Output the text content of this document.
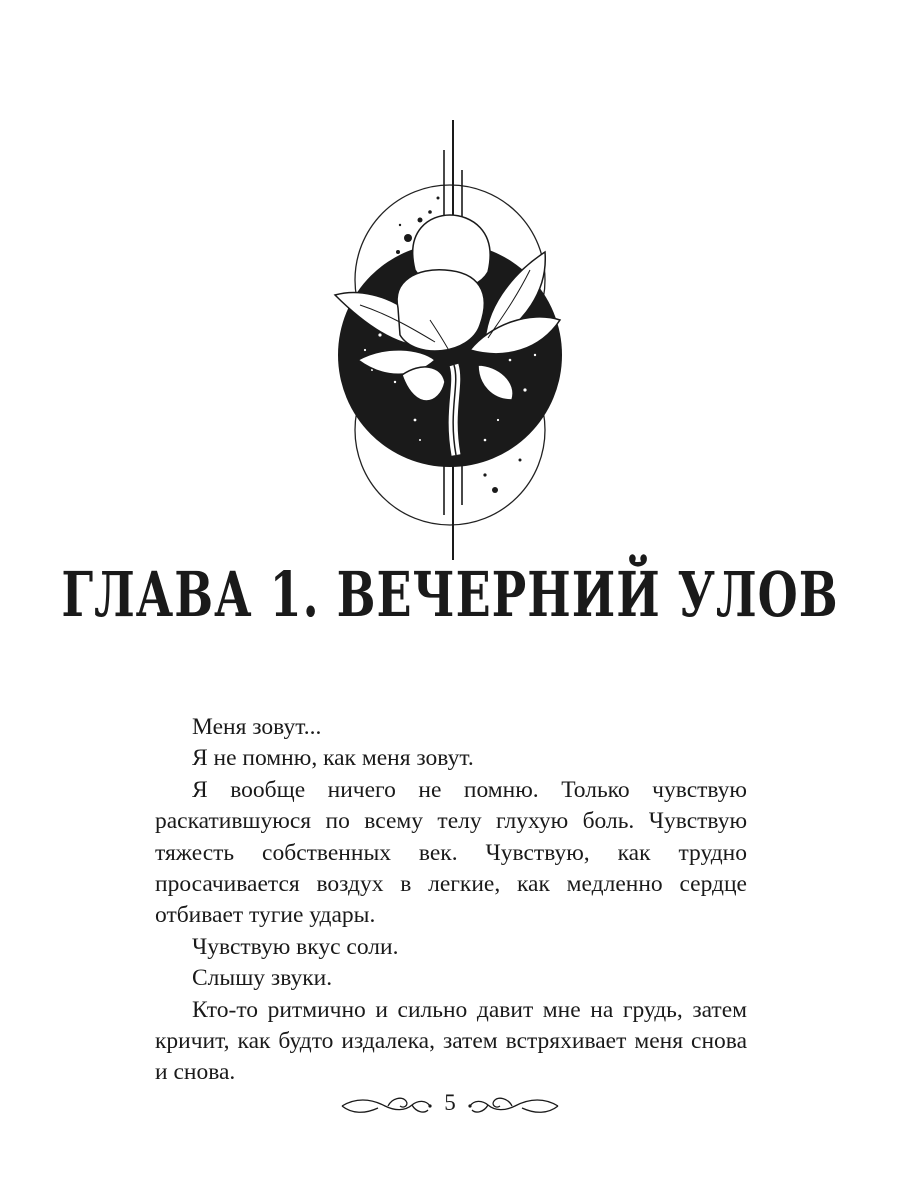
ГЛАВА 1. ВЕЧЕРНИЙ УЛОВ

Меня зовут...

Я не помню, как меня зовут.

Я вообще ничего не помню. Только чувствую раскатившуюся по всему телу глухую боль. Чувствую тяжесть собственных век. Чувствую, как трудно просачивается воздух в легкие, как медленно сердце отбивает тугие удары.

Чувствую вкус соли.

Слышу звуки.

Кто-то ритмично и сильно давит мне на грудь, затем кричит, как будто издалека, затем встряхивает меня снова и снова.

5
